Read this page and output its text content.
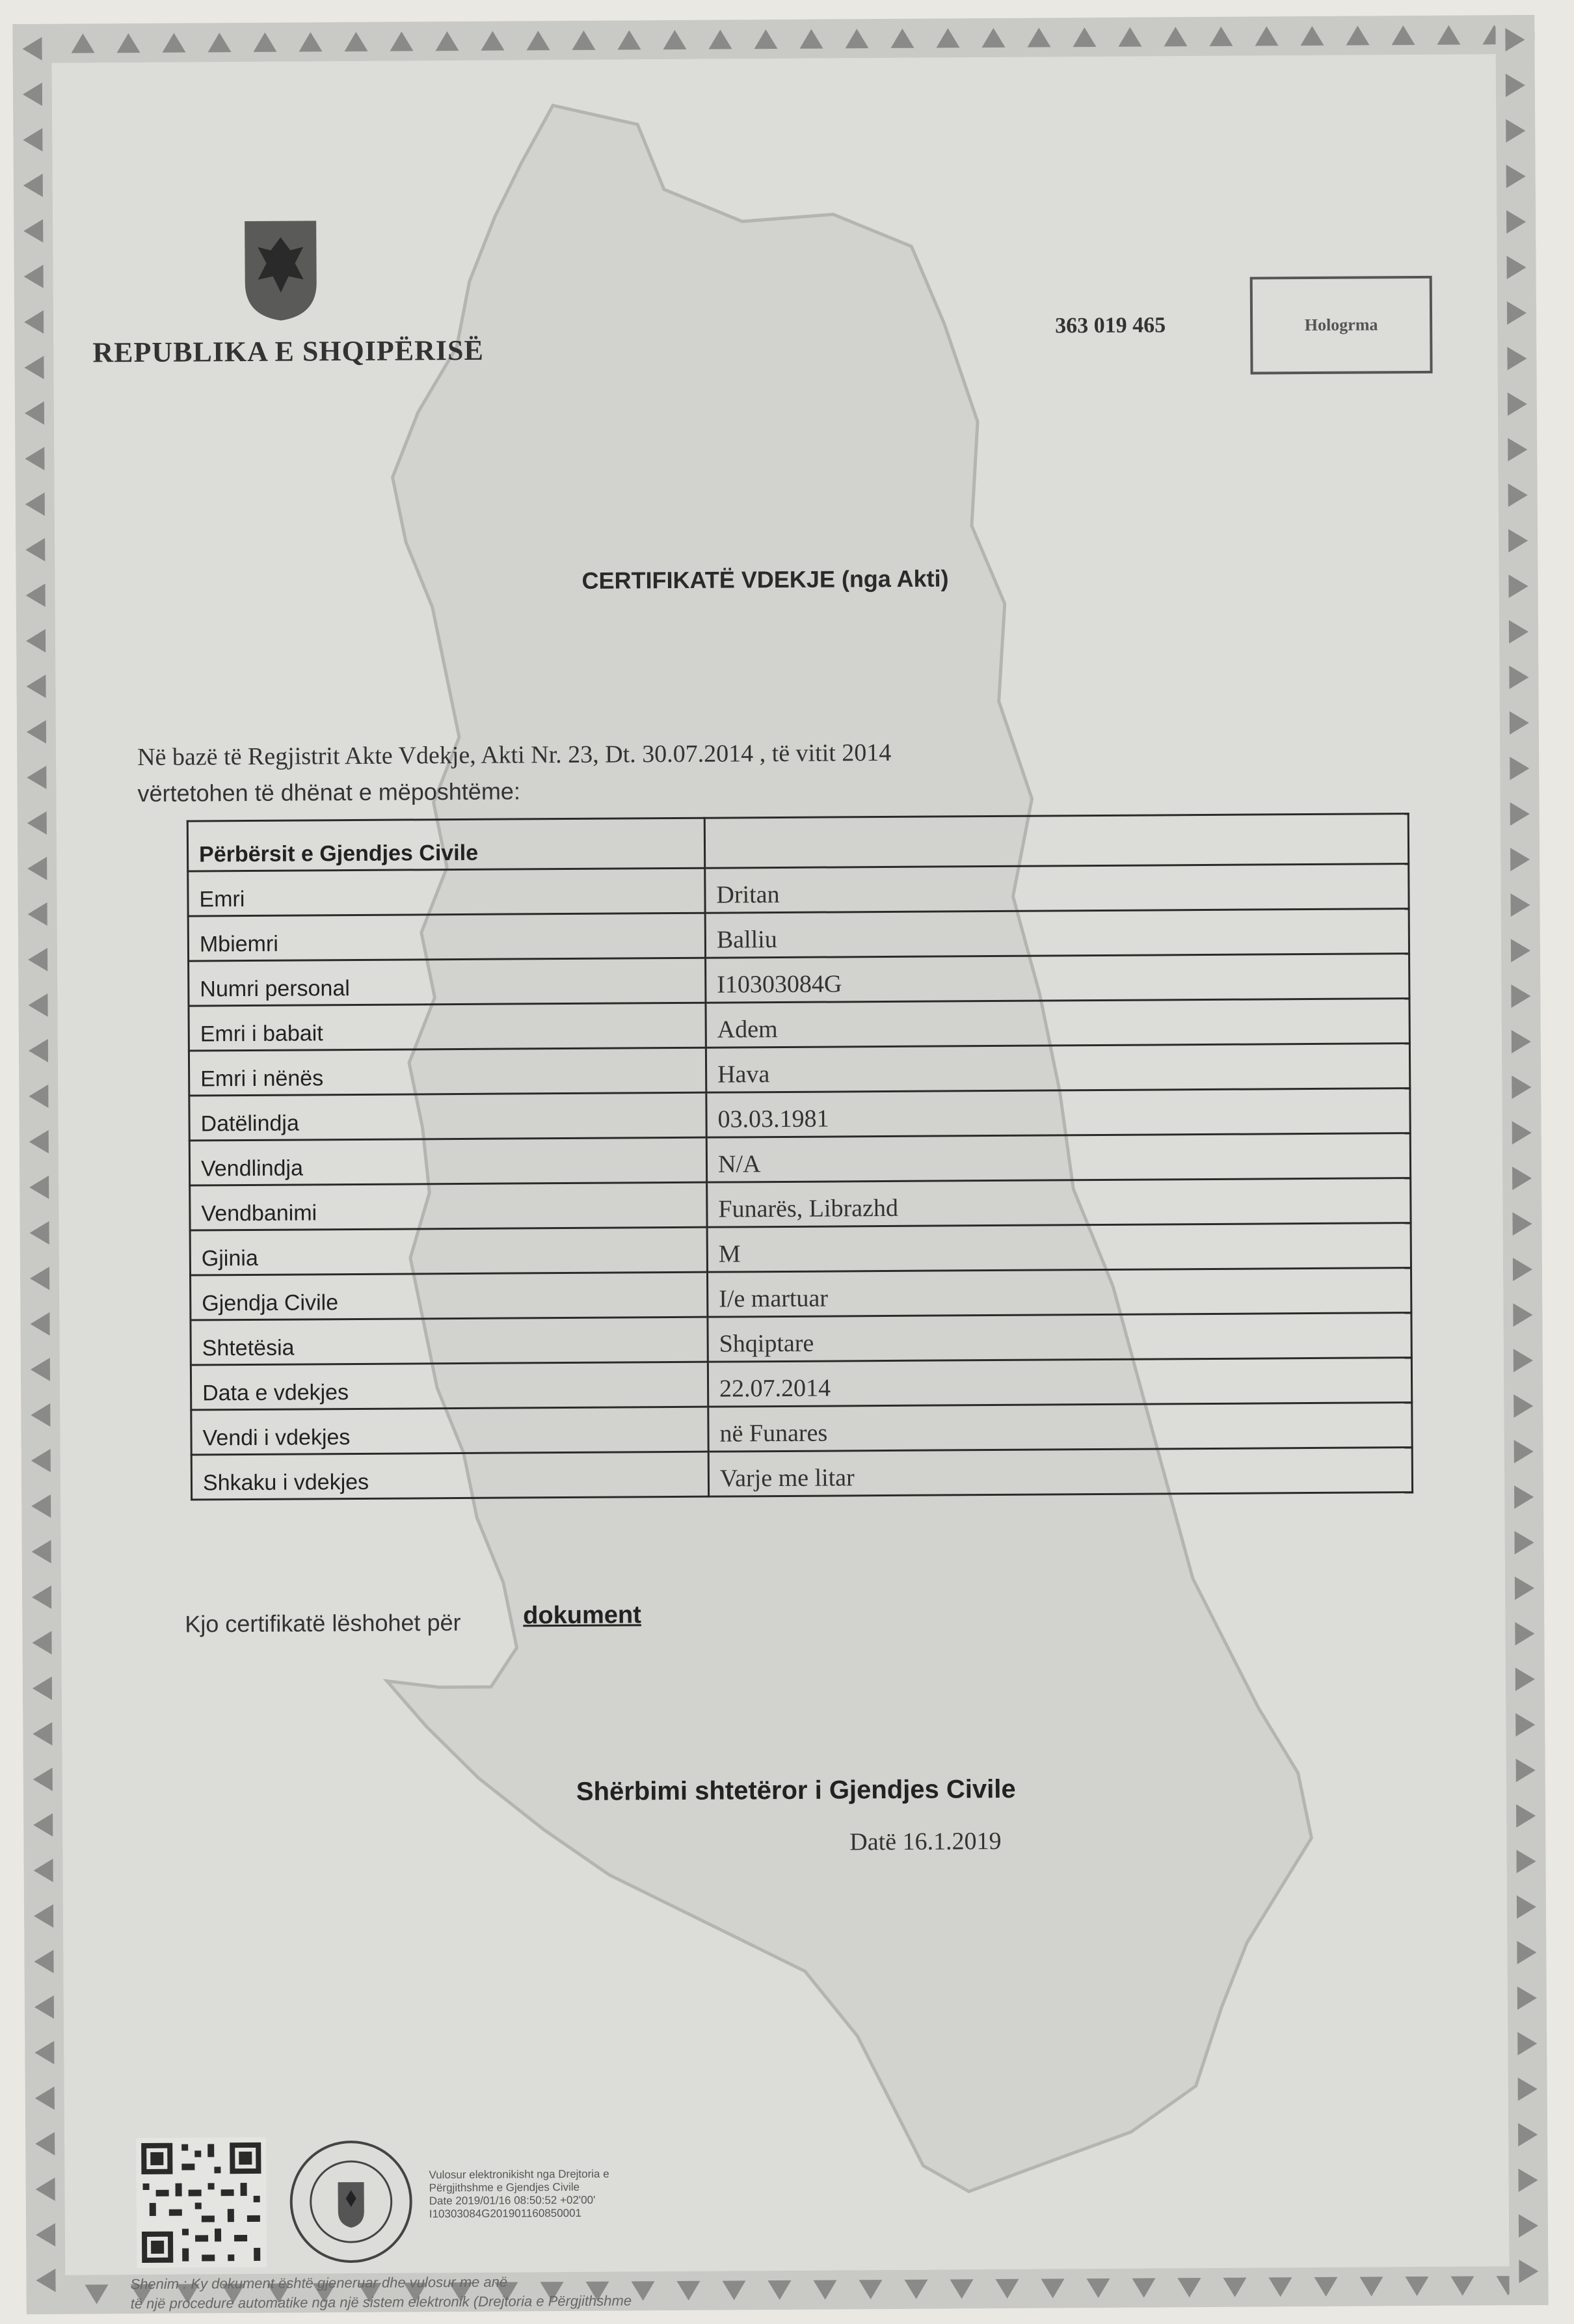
REPUBLIKA E SHQIPËRISË
363 019 465	Hologrma
CERTIFIKATË VDEKJE (nga Akti)
Në bazë të Regjistrit Akte Vdekje, Akti Nr. 23, Dt. 30.07.2014 , të vitit 2014
vërtetohen të dhënat e mëposhtëme:
Përbërsit e Gjendjes Civile	
Emri	Dritan
Mbiemri	Balliu
Numri personal	I10303084G
Emri i babait	Adem
Emri i nënës	Hava
Datëlindja	03.03.1981
Vendlindja	N/A
Vendbanimi	Funarës, Librazhd
Gjinia	M
Gjendja Civile	I/e martuar
Shtetësia	Shqiptare
Data e vdekjes	22.07.2014
Vendi i vdekjes	në Funares
Shkaku i vdekjes	Varje me litar
Kjo certifikatë lëshohet për	dokument
Shërbimi shtetëror i Gjendjes Civile
Datë 16.1.2019
Vulosur elektronikisht nga Drejtoria e
Përgjithshme e Gjendjes Civile
Date 2019/01/16 08:50:52 +02'00'
I10303084G201901160850001
Shenim : Ky dokument është gjeneruar dhe vulosur me anë
të një procedure automatike nga një sistem elektronik (Drejtoria e Përgjithshme
